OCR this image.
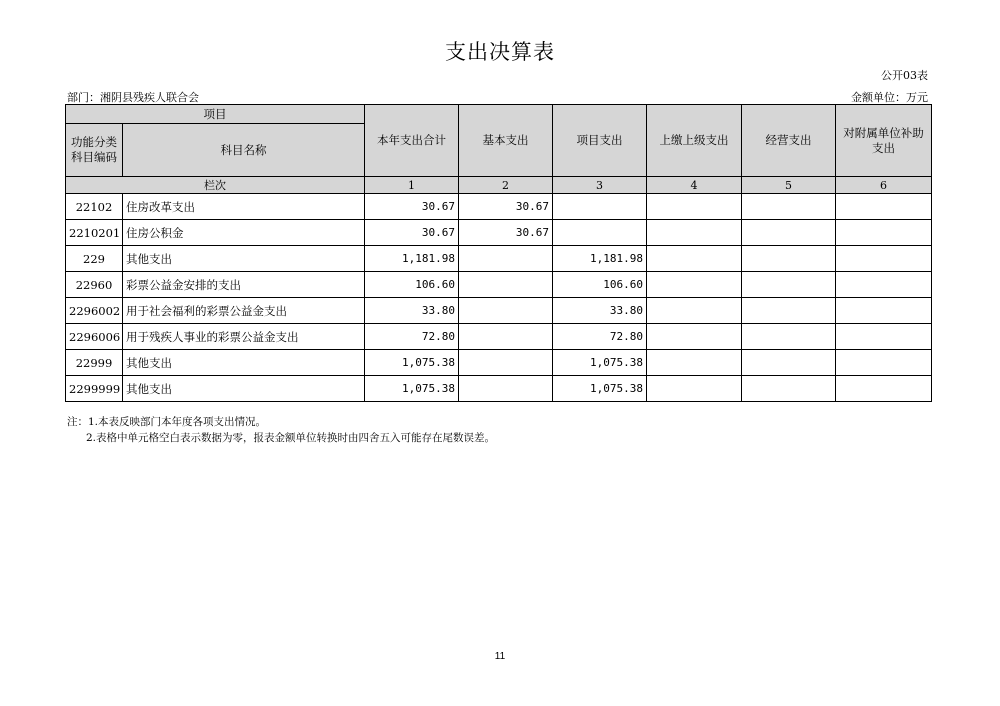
支出决算表
公开03表
部门：湘阴县残疾人联合会	金额单位：万元
项目		本年支出合计	基本支出	项目支出	上缴上级支出	经营支出	对附属单位补助支出
功能分类科目编码	科目名称						
栏次		1	2	3	4	5	6
22102	住房改革支出	30.67	30.67				
2210201	住房公积金	30.67	30.67				
229	其他支出	1,181.98		1,181.98			
22960	彩票公益金安排的支出	106.60		106.60			
2296002	用于社会福利的彩票公益金支出	33.80		33.80			
2296006	用于残疾人事业的彩票公益金支出	72.80		72.80			
22999	其他支出	1,075.38		1,075.38			
2299999	其他支出	1,075.38		1,075.38			
注：1.本表反映部门本年度各项支出情况。
2.表格中单元格空白表示数据为零，报表金额单位转换时由四舍五入可能存在尾数误差。
11
